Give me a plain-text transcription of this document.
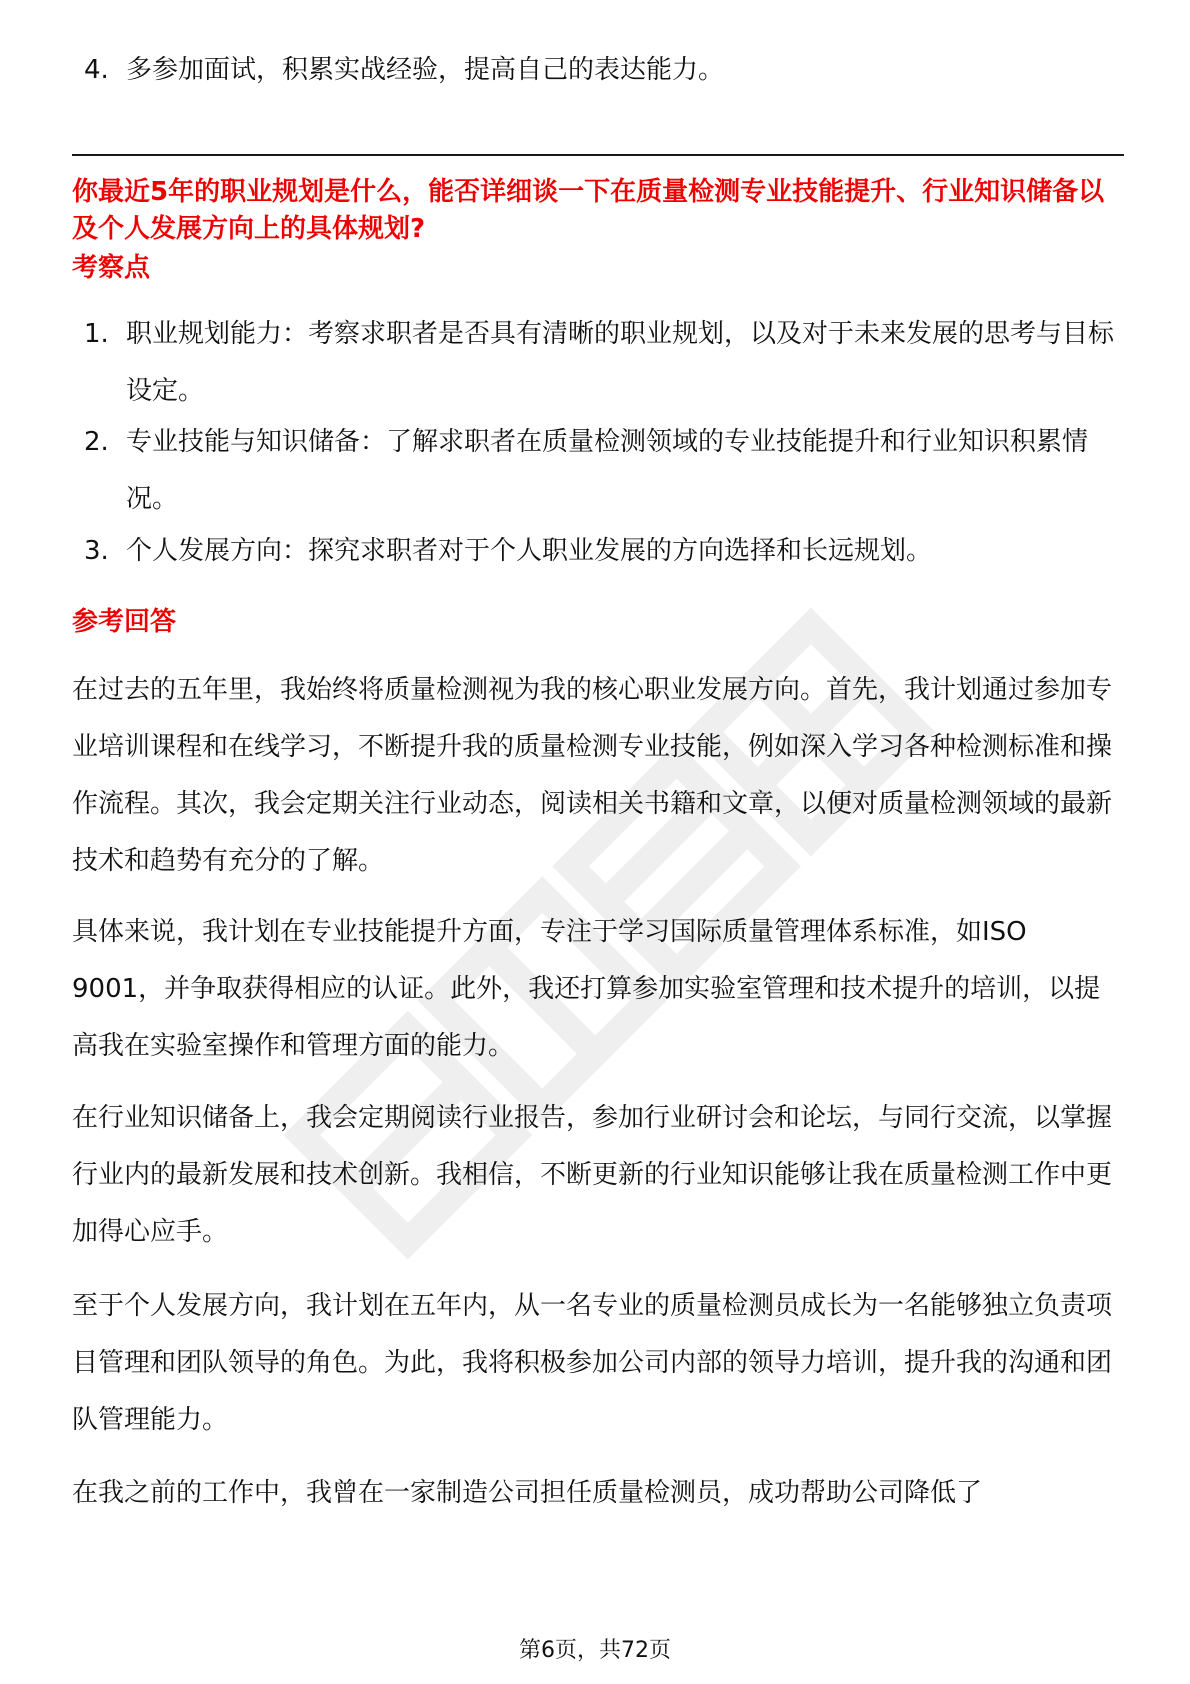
4. 多参加面试，积累实战经验，提高自己的表达能力。
你最近5年的职业规划是什么，能否详细谈一下在质量检测专业技能提升、行业知识储备以及个人发展方向上的具体规划?
考察点
1. 职业规划能力：考察求职者是否具有清晰的职业规划，以及对于未来发展的思考与目标设定。
2. 专业技能与知识储备：了解求职者在质量检测领域的专业技能提升和行业知识积累情况。
3. 个人发展方向：探究求职者对于个人职业发展的方向选择和长远规划。
参考回答
在过去的五年里，我始终将质量检测视为我的核心职业发展方向。首先，我计划通过参加专业培训课程和在线学习，不断提升我的质量检测专业技能，例如深入学习各种检测标准和操作流程。其次，我会定期关注行业动态，阅读相关书籍和文章，以便对质量检测领域的最新技术和趋势有充分的了解。
具体来说，我计划在专业技能提升方面，专注于学习国际质量管理体系标准，如ISO 9001，并争取获得相应的认证。此外，我还打算参加实验室管理和技术提升的培训，以提高我在实验室操作和管理方面的能力。
在行业知识储备上，我会定期阅读行业报告，参加行业研讨会和论坛，与同行交流，以掌握行业内的最新发展和技术创新。我相信，不断更新的行业知识能够让我在质量检测工作中更加得心应手。
至于个人发展方向，我计划在五年内，从一名专业的质量检测员成长为一名能够独立负责项目管理和团队领导的角色。为此，我将积极参加公司内部的领导力培训，提升我的沟通和团队管理能力。
在我之前的工作中，我曾在一家制造公司担任质量检测员，成功帮助公司降低了
第6页，共72页
